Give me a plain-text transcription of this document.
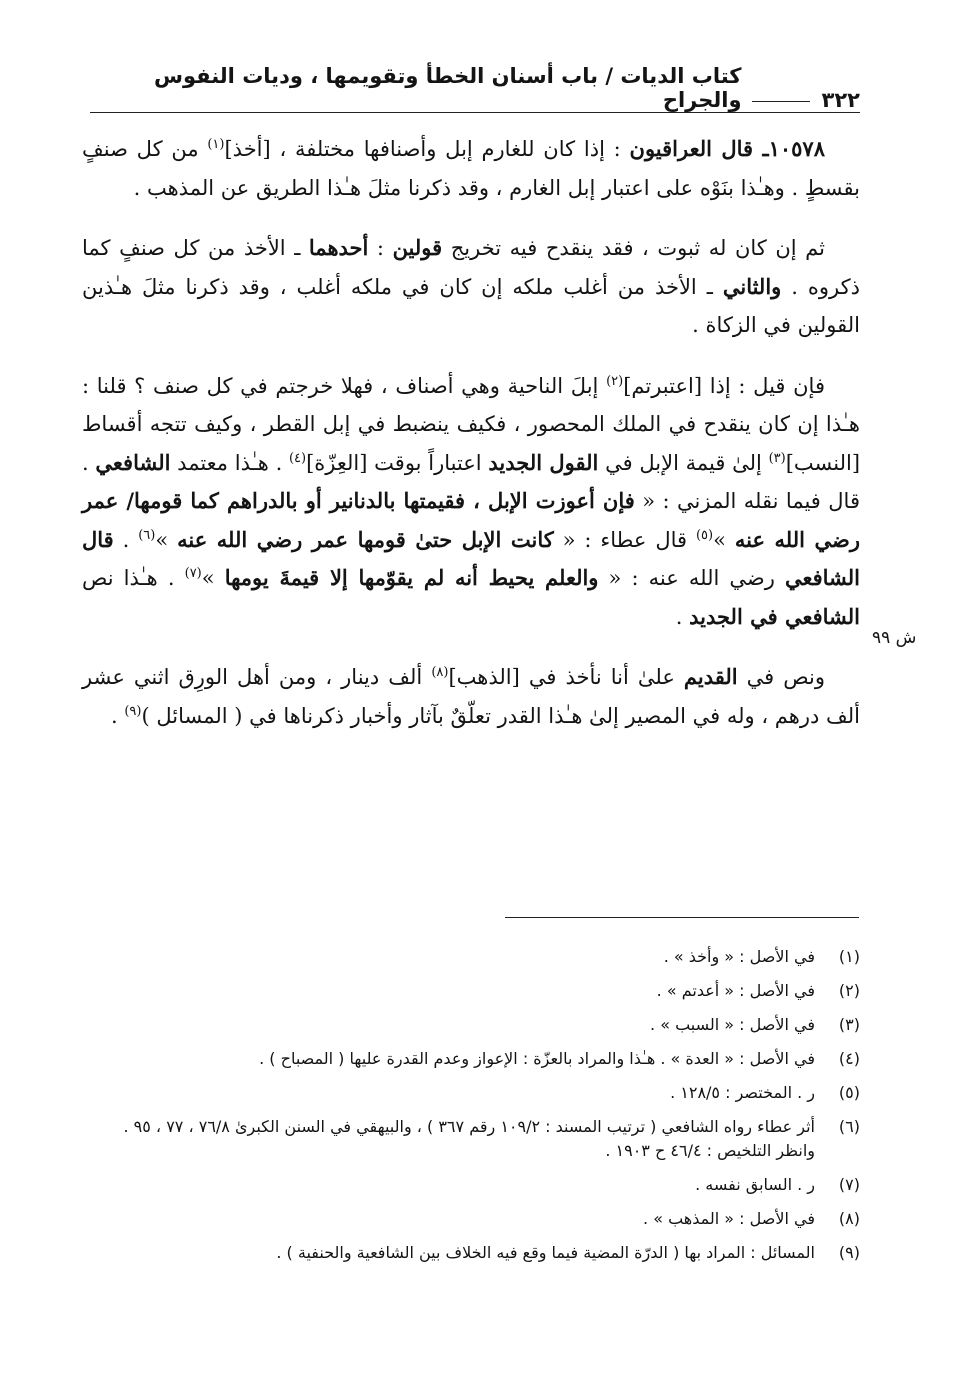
٣٢٢
كتاب الديات / باب أسنان الخطأ وتقويمها ، وديات النفوس والجراح

١٠٥٧٨ـ قال العراقيون : إذا كان للغارم إبل وأصنافها مختلفة ، [أخذ]$^{(١)}$ من كل صنفٍ بقسطٍ . وهـٰذا بنَوْه على اعتبار إبل الغارم ، وقد ذكرنا مثلَ هـٰذا الطريق عن المذهب .

ثم إن كان له ثبوت ، فقد ينقدح فيه تخريج قولين : أحدهما ـ الأخذ من كل صنفٍ كما ذكروه . والثاني ـ الأخذ من أغلب ملكه إن كان في ملكه أغلب ، وقد ذكرنا مثلَ هـٰذين القولين في الزكاة .

فإن قيل : إذا [اعتبرتم]$^{(٢)}$ إبلَ الناحية وهي أصناف ، فهلا خرجتم في كل صنف ؟ قلنا : هـٰذا إن كان ينقدح في الملك المحصور ، فكيف ينضبط في إبل القطر ، وكيف تتجه أقساط [النسب]$^{(٣)}$ إلىٰ قيمة الإبل في القول الجديد اعتباراً بوقت [العِزّة]$^{(٤)}$ . هـٰذا معتمد الشافعي . قال فيما نقله المزني : « فإن أعوزت الإبل ، فقيمتها بالدنانير أو بالدراهم كما قومها/ عمر رضي الله عنه »$^{(٥)}$ قال عطاء : « كانت الإبل حتىٰ قومها عمر رضي الله عنه »$^{(٦)}$ . قال الشافعي رضي الله عنه : « والعلم يحيط أنه لم يقوّمها إلا قيمةَ يومها »$^{(٧)}$ . هـٰذا نص الشافعي في الجديد .

ونص في القديم علىٰ أنا نأخذ في [الذهب]$^{(٨)}$ ألف دينار ، ومن أهل الورِق اثني عشر ألف درهم ، وله في المصير إلىٰ هـٰذا القدر تعلّقٌ بآثار وأخبار ذكرناها في ( المسائل )$^{(٩)}$ .

ش ٩٩
(١)
في الأصل : « وأخذ » .
(٢)
في الأصل : « أعدتم » .
(٣)
في الأصل : « السبب » .
(٤)
في الأصل : « العدة » . هـٰذا والمراد بالعزّة : الإعواز وعدم القدرة عليها ( المصباح ) .
(٥)
ر . المختصر : ١٢٨/٥ .
(٦)
أثر عطاء رواه الشافعي ( ترتيب المسند : ١٠٩/٢ رقم ٣٦٧ ) ، والبيهقي في السنن الكبرىٰ ٧٦/٨ ، ٧٧ ، ٩٥ . وانظر التلخيص : ٤٦/٤ ح ١٩٠٣ .
(٧)
ر . السابق نفسه .
(٨)
في الأصل : « المذهب » .
(٩)
المسائل : المراد بها ( الدرّة المضية فيما وقع فيه الخلاف بين الشافعية والحنفية ) .
